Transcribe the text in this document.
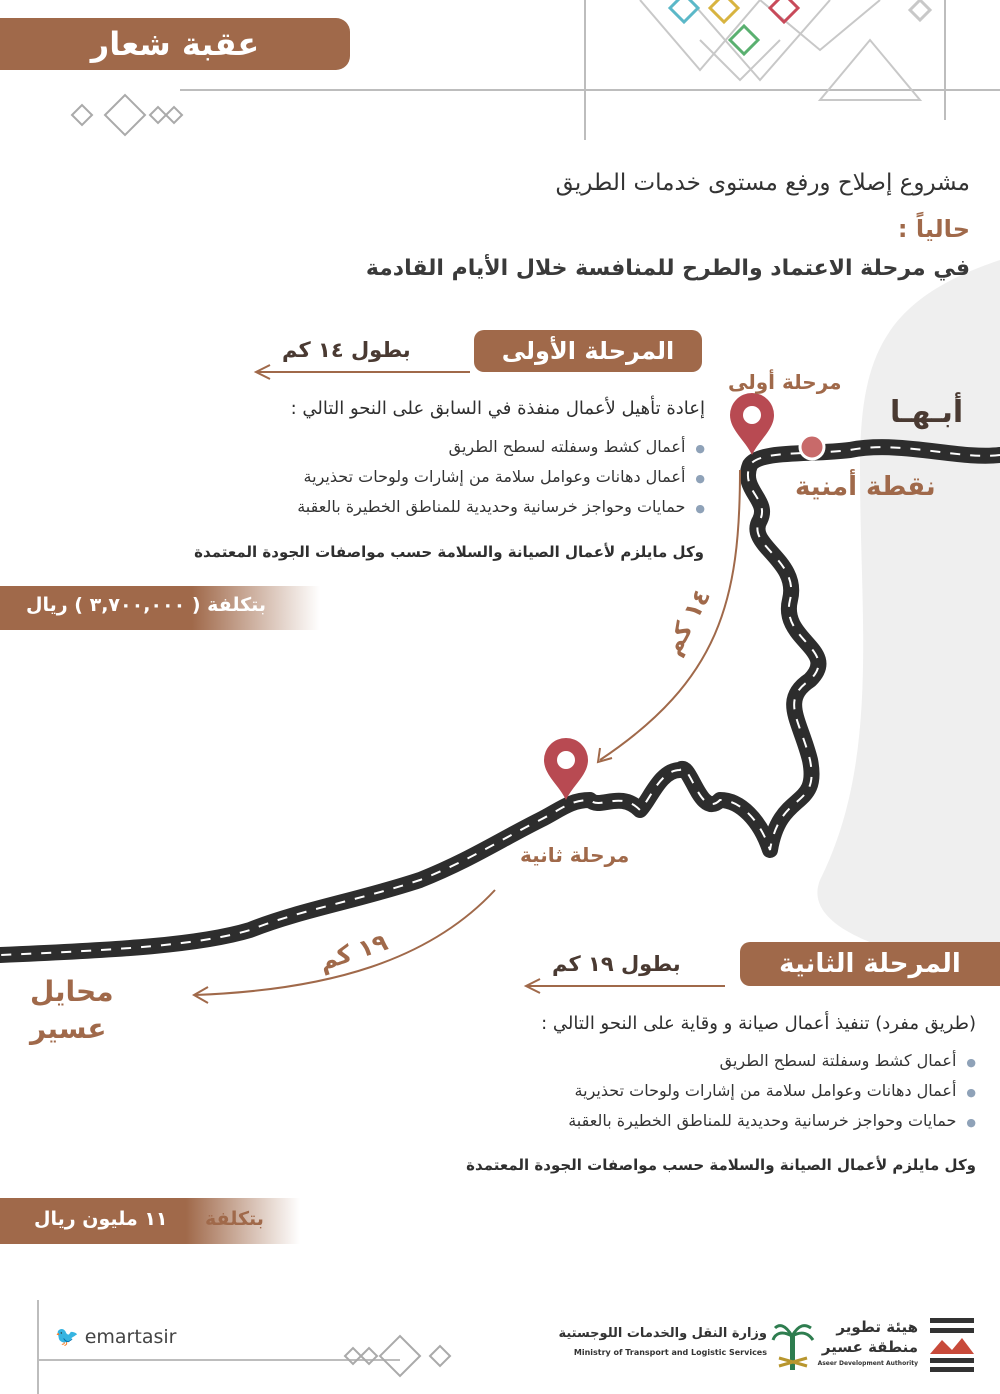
عقبة شعار
مشروع إصلاح ورفع مستوى خدمات الطريق
حالياً :
في مرحلة الاعتماد والطرح للمنافسة خلال الأيام القادمة
المرحلة الأولى
بطول ١٤ كم
إعادة تأهيل لأعمال منفذة في السابق على النحو التالي :
● أعمال كشط وسفلته لسطح الطريق
● أعمال دهانات وعوامل سلامة من إشارات ولوحات تحذيرية
● حمايات وحواجز خرسانية وحديدية للمناطق الخطيرة بالعقبة
وكل مايلزم لأعمال الصيانة والسلامة حسب مواصفات الجودة المعتمدة
بتكلفة ( ٣,٧٠٠,٠٠٠ ) ريال
أبـهـا
نقطة أمنية
مرحلة أولى
مرحلة ثانية
١٤ كم
١٩ كم
محايل
عسير
المرحلة الثانية
بطول ١٩ كم
(طريق مفرد) تنفيذ أعمال صيانة و وقاية على النحو التالي :
● أعمال كشط وسفلتة لسطح الطريق
● أعمال دهانات وعوامل سلامة من إشارات ولوحات تحذيرية
● حمايات وحواجز خرسانية وحديدية للمناطق الخطيرة بالعقبة
وكل مايلزم لأعمال الصيانة والسلامة حسب مواصفات الجودة المعتمدة
١١ مليون ريال بتكلفة
🐦 emartasir	وزارة النقل والخدمات اللوجستية
Ministry of Transport and Logistic Services
هيئة تطوير
منطقة عسير
Aseer Development Authority
